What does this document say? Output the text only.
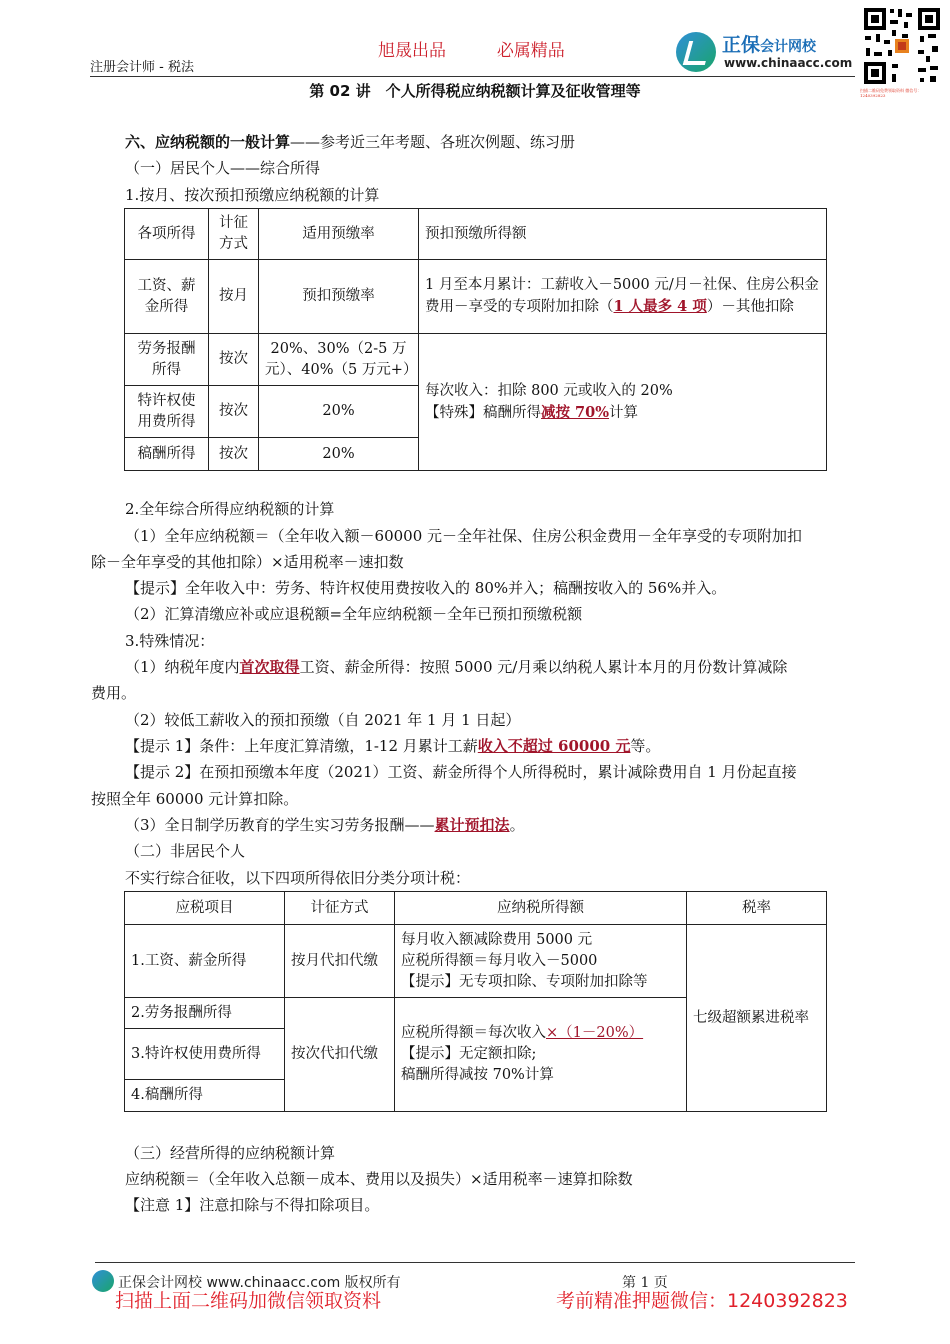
注册会计师 - 税法
旭晟出品	必属精品	正保会计网校
www.chinaacc.com
扫描二维码免费领取资料 微信号：1240392823
第 02 讲　个人所得税应纳税额计算及征收管理等
六、应纳税额的一般计算——参考近三年考题、各班次例题、练习册
（一）居民个人——综合所得
1.按月、按次预扣预缴应纳税额的计算
各项所得	计征方式	适用预缴率	预扣预缴所得额
工资、薪金所得	按月	预扣预缴率	1 月至本月累计：工薪收入－5000 元/月－社保、住房公积金费用－享受的专项附加扣除（1 人最多 4 项）－其他扣除
劳务报酬所得	按次	20%、30%（2-5 万元）、40%（5 万元+）	每次收入：扣除 800 元或收入的 20%
【特殊】稿酬所得减按 70%计算

特许权使用费所得	按次	20%	
稿酬所得	按次	20%	
2.全年综合所得应纳税额的计算
（1）全年应纳税额＝（全年收入额－60000 元－全年社保、住房公积金费用－全年享受的专项附加扣
除－全年享受的其他扣除）×适用税率－速扣数
【提示】全年收入中：劳务、特许权使用费按收入的 80%并入；稿酬按收入的 56%并入。
（2）汇算清缴应补或应退税额=全年应纳税额－全年已预扣预缴税额
3.特殊情况：
（1）纳税年度内首次取得工资、薪金所得：按照 5000 元/月乘以纳税人累计本月的月份数计算减除
费用。
（2）较低工薪收入的预扣预缴（自 2021 年 1 月 1 日起）
【提示 1】条件：上年度汇算清缴，1-12 月累计工薪收入不超过 60000 元等。
【提示 2】在预扣预缴本年度（2021）工资、薪金所得个人所得税时，累计减除费用自 1 月份起直接
按照全年 60000 元计算扣除。
（3）全日制学历教育的学生实习劳务报酬——累计预扣法。
（二）非居民个人
不实行综合征收，以下四项所得依旧分类分项计税：
应税项目	计征方式	应纳税所得额	税率
1.工资、薪金所得	按月代扣代缴	每月收入额减除费用 5000 元
应税所得额＝每月收入－5000
【提示】无专项扣除、专项附加扣除等	七级超额累进税率
2.劳务报酬所得	按次代扣代缴	应税所得额＝每次收入×（1－20%）
【提示】无定额扣除;
稿酬所得减按 70%计算	

3.特许权使用费所得			
4.稿酬所得			
（三）经营所得的应纳税额计算
应纳税额＝（全年收入总额－成本、费用以及损失）×适用税率－速算扣除数
【注意 1】注意扣除与不得扣除项目。
正保会计网校 www.chinaacc.com 版权所有	第 1 页
扫描上面二维码加微信领取资料	考前精准押题微信：1240392823
